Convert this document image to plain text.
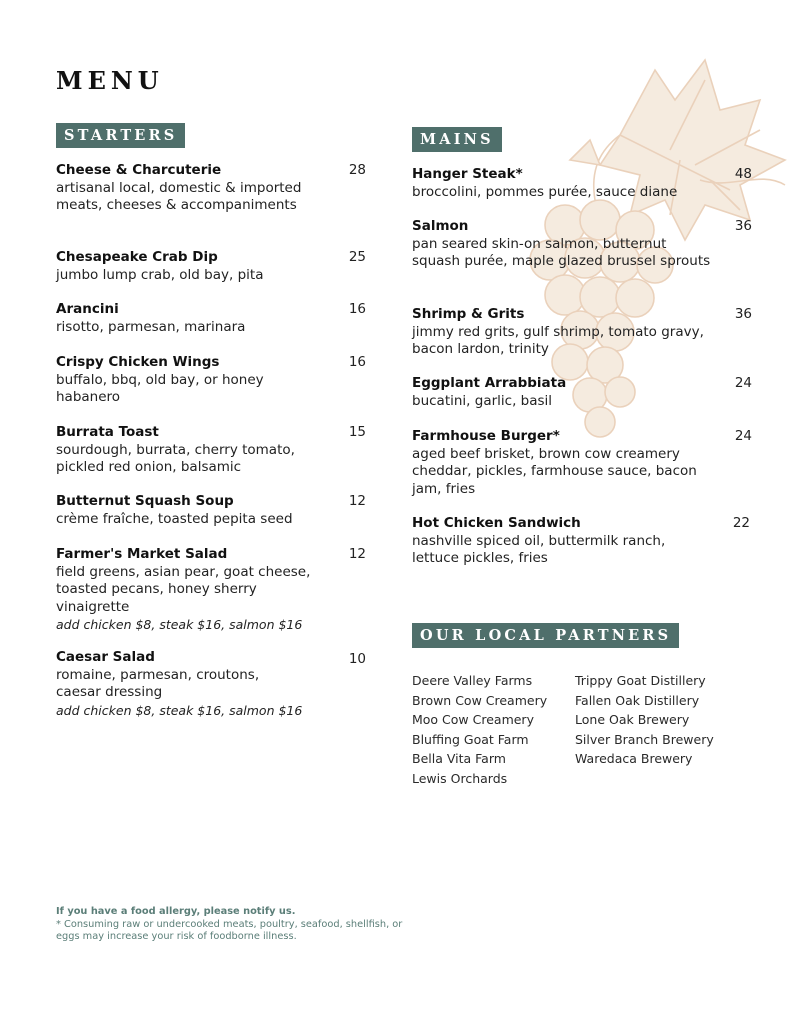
MENU
STARTERS
Cheese & Charcuterie
artisanal local, domestic & imported meats, cheeses & accompaniments
28
Chesapeake Crab Dip
jumbo lump crab, old bay, pita
25
Arancini
risotto, parmesan, marinara
16
Crispy Chicken Wings
buffalo, bbq, old bay, or honey habanero
16
Burrata Toast
sourdough, burrata, cherry tomato, pickled red onion, balsamic
15
Butternut Squash Soup
crème fraîche, toasted pepita seed
12
Farmer's Market Salad
field greens, asian pear, goat cheese, toasted pecans, honey sherry vinaigrette
add chicken $8, steak $16, salmon $16
12
Caesar Salad
romaine, parmesan, croutons, caesar dressing
add chicken $8, steak $16, salmon $16
10
MAINS
Hanger Steak*
broccolini, pommes purée, sauce diane
48
Salmon
pan seared skin-on salmon, butternut squash purée, maple glazed brussel sprouts
36
Shrimp & Grits
jimmy red grits, gulf shrimp, tomato gravy, bacon lardon, trinity
36
Eggplant Arrabbiata
bucatini, garlic, basil
24
Farmhouse Burger*
aged beef brisket, brown cow creamery cheddar, pickles, farmhouse sauce, bacon jam, fries
24
Hot Chicken Sandwich
nashville spiced oil, buttermilk ranch, lettuce pickles, fries
22
OUR LOCAL PARTNERS
Deere Valley Farms
Brown Cow Creamery
Moo Cow Creamery
Bluffing Goat Farm
Bella Vita Farm
Lewis Orchards
Trippy Goat Distillery
Fallen Oak Distillery
Lone Oak Brewery
Silver Branch Brewery
Waredaca Brewery
If you have a food allergy, please notify us.
* Consuming raw or undercooked meats, poultry, seafood, shellfish, or eggs may increase your risk of foodborne illness.
